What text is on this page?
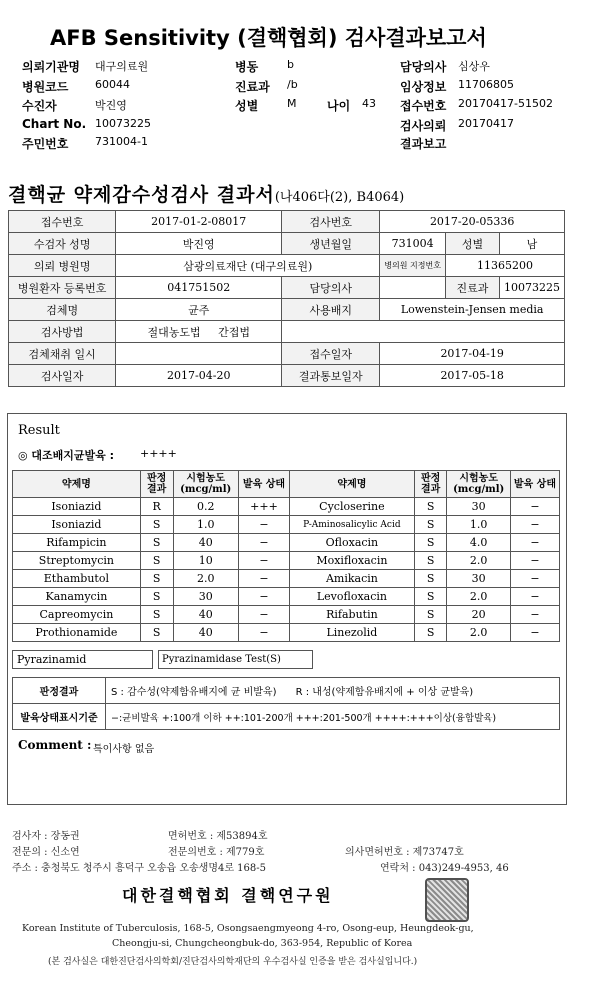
AFB Sensitivity (결핵협회) 검사결과보고서
의뢰기관명 대구의료원	병동	b	담당의사 심상우
병원코드 60044	진료과 /b	임상정보 11706805
수진자	박진영	성별	M	나이 43 접수번호 20170417-51502
Chart No. 10073225	검사의뢰 20170417
주민번호 731004-1	결과보고
결핵균 약제감수성검사 결과서(나406다(2), B4064)
접수번호	2017-01-2-08017	검사번호	2017-20-05336		
수검자 성명	박진영	생년월일	731004	성별	남
의뢰 병원명	삼광의료재단 (대구의료원)		병의원 지정번호	11365200	
병원환자 등록번호	041751502	담당의사		진료과	10073225
검체명	균주	사용배지	Lowenstein-Jensen media		
검사방법	절대농도법 간접법				
검체채취 일시		접수일자	2017-04-19		
검사일자	2017-04-20	결과통보일자	2017-05-18		
Result
◎ 대조배지균발육 : ++++
약제명	판정 결과	시험농도 (mcg/ml)	발육 상태	약제명	판정 결과	시험농도 (mcg/ml)	발육 상태
Isoniazid	R	0.2	+++	Cycloserine	S	30	−
Isoniazid	S	1.0	−	P-Aminosalicylic Acid	S	1.0	−
Rifampicin	S	40	−	Ofloxacin	S	4.0	−
Streptomycin	S	10	−	Moxifloxacin	S	2.0	−
Ethambutol	S	2.0	−	Amikacin	S	30	−
Kanamycin	S	30	−	Levofloxacin	S	2.0	−
Capreomycin	S	40	−	Rifabutin	S	20	−
Prothionamide	S	40	−	Linezolid	S	2.0	−
Pyrazinamid	Pyrazinamidase Test(S)
판정결과	S : 감수성(약제함유배지에 균 비발육) R : 내성(약제함유배지에 + 이상 균발육)
발육상태표시기준	−:균비발육 +:100개 이하 ++:101-200개 +++:201-500개 ++++:+++이상(융합발육)
Comment : 특이사항 없음
검사자 : 장동권	면허번호 : 제53894호
전문의 : 신소연	전문의번호 : 제779호	의사면허번호 : 제73747호
주소 : 충청북도 청주시 흥덕구 오송읍 오송생명4로 168-5	연락처 : 043)249-4953, 46
대한결핵협회 결핵연구원
Korean Institute of Tuberculosis, 168-5, Osongsaengmyeong 4-ro, Osong-eup, Heungdeok-gu,
Cheongju-si, Chungcheongbuk-do, 363-954, Republic of Korea
(본 검사실은 대한진단검사의학회/진단검사의학재단의 우수검사실 인증을 받은 검사실입니다.)
